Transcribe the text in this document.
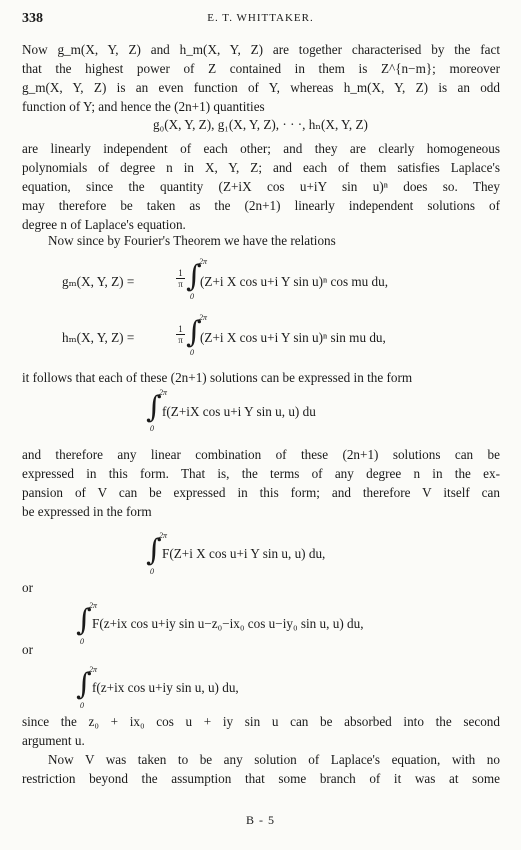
338	E. T. WHITTAKER.
Now g_m(X, Y, Z) and h_m(X, Y, Z) are together characterised by the fact
that the highest power of Z contained in them is Z^{n−m}; moreover
g_m(X, Y, Z) is an even function of Y, whereas h_m(X, Y, Z) is an odd
function of Y; and hence the (2n+1) quantities
g₀(X, Y, Z), g₁(X, Y, Z), · · ·, hₙ(X, Y, Z)
are linearly independent of each other; and they are clearly homogeneous
polynomials of degree n in X, Y, Z; and each of them satisfies Laplace's
equation, since the quantity (Z+iX cos u+iY sin u)ⁿ does so. They
may therefore be taken as the (2n+1) linearly independent solutions of
degree n of Laplace's equation.
Now since by Fourier's Theorem we have the relations
gₘ(X, Y, Z) =
1
π ∫
2π
0
(Z+i X cos u+i Y sin u)ⁿ cos mu du,
hₘ(X, Y, Z) =
1
π ∫
2π
0
(Z+i X cos u+i Y sin u)ⁿ sin mu du,
it follows that each of these (2n+1) solutions can be expressed in the form
∫
2π
0
f(Z+iX cos u+i Y sin u, u) du
and therefore any linear combination of these (2n+1) solutions can be
expressed in this form. That is, the terms of any degree n in the ex-
pansion of V can be expressed in this form; and therefore V itself can
be expressed in the form
∫
2π
0
F(Z+i X cos u+i Y sin u, u) du,
or
∫
2π
0
F(z+ix cos u+iy sin u−z₀−ix₀ cos u−iy₀ sin u, u) du,
or
∫
2π
0
f(z+ix cos u+iy sin u, u) du,
since the z₀ + ix₀ cos u + iy sin u can be absorbed into the second
argument u.
Now V was taken to be any solution of Laplace's equation, with no
restriction beyond the assumption that some branch of it was at some
B - 5
